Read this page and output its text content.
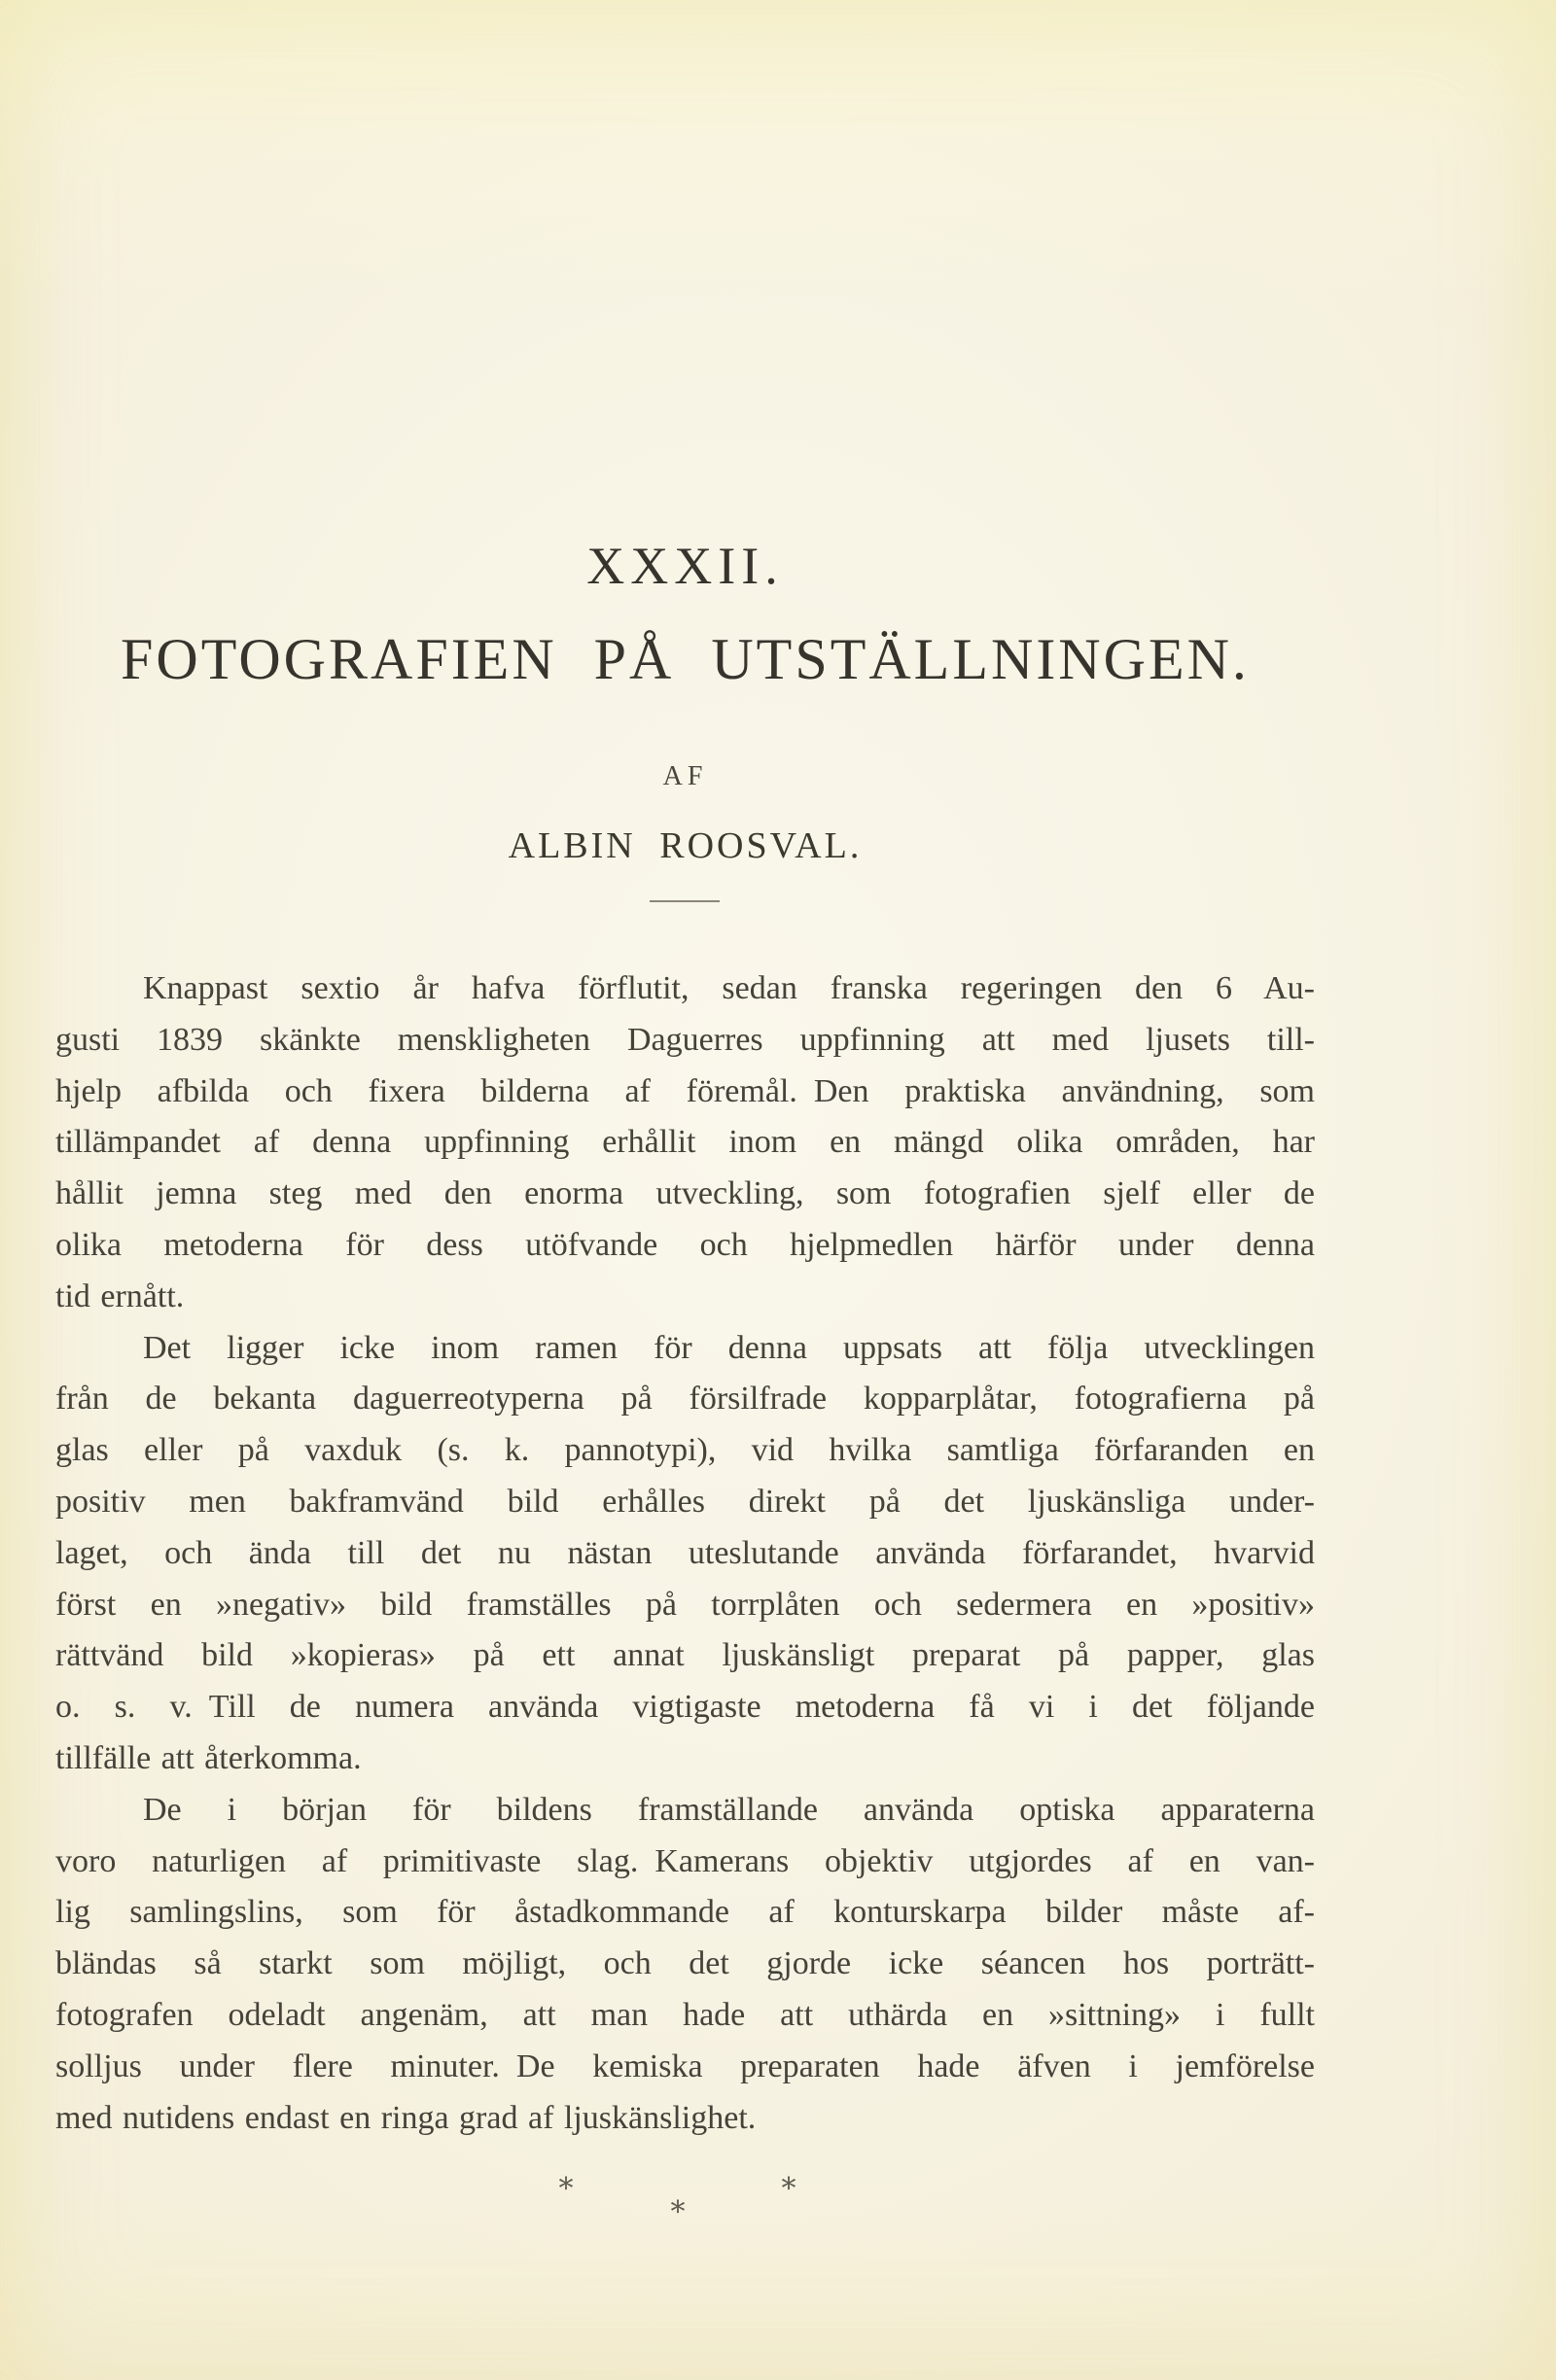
XXXII.
FOTOGRAFIEN PÅ UTSTÄLLNINGEN.
AF
ALBIN ROOSVAL.
Knappast sextio år hafva förflutit, sedan franska regeringen den 6 Au-
gusti 1839 skänkte menskligheten Daguerres uppfinning att med ljusets till-
hjelp afbilda och fixera bilderna af föremål. Den praktiska användning, som
tillämpandet af denna uppfinning erhållit inom en mängd olika områden, har
hållit jemna steg med den enorma utveckling, som fotografien sjelf eller de
olika metoderna för dess utöfvande och hjelpmedlen härför under denna
tid ernått.
Det ligger icke inom ramen för denna uppsats att följa utvecklingen
från de bekanta daguerreotyperna på försilfrade kopparplåtar, fotografierna på
glas eller på vaxduk (s. k. pannotypi), vid hvilka samtliga förfaranden en
positiv men bakframvänd bild erhålles direkt på det ljuskänsliga under-
laget, och ända till det nu nästan uteslutande använda förfarandet, hvarvid
först en »negativ» bild framställes på torrplåten och sedermera en »positiv»
rättvänd bild »kopieras» på ett annat ljuskänsligt preparat på papper, glas
o. s. v. Till de numera använda vigtigaste metoderna få vi i det följande
tillfälle att återkomma.
De i början för bildens framställande använda optiska apparaterna
voro naturligen af primitivaste slag. Kamerans objektiv utgjordes af en van-
lig samlingslins, som för åstadkommande af konturskarpa bilder måste af-
bländas så starkt som möjligt, och det gjorde icke séancen hos porträtt-
fotografen odeladt angenäm, att man hade att uthärda en »sittning» i fullt
solljus under flere minuter. De kemiska preparaten hade äfven i jemförelse
med nutidens endast en ringa grad af ljuskänslighet.
*	*
*
